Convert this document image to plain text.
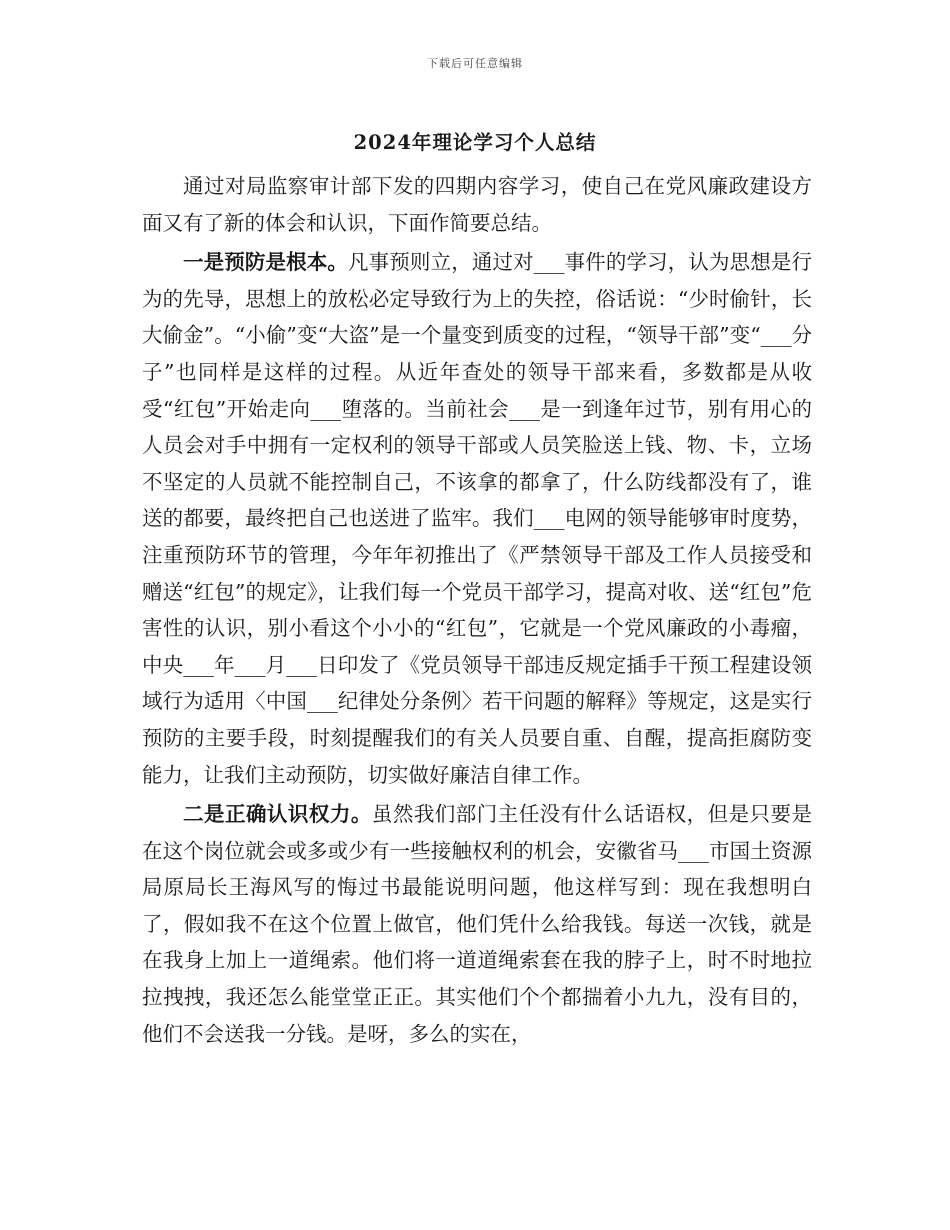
下载后可任意编辑
2024年理论学习个人总结

通过对局监察审计部下发的四期内容学习，使自己在党风廉政建设方面又有了新的体会和认识，下面作简要总结。

一是预防是根本。凡事预则立，通过对___事件的学习，认为思想是行为的先导，思想上的放松必定导致行为上的失控，俗话说：“少时偷针，长大偷金”。“小偷”变“大盗”是一个量变到质变的过程，“领导干部”变“___分子”也同样是这样的过程。从近年查处的领导干部来看，多数都是从收受“红包”开始走向___堕落的。当前社会___是一到逢年过节，别有用心的人员会对手中拥有一定权利的领导干部或人员笑脸送上钱、物、卡，立场不坚定的人员就不能控制自己，不该拿的都拿了，什么防线都没有了，谁送的都要，最终把自己也送进了监牢。我们___电网的领导能够审时度势，注重预防环节的管理，今年年初推出了《严禁领导干部及工作人员接受和赠送“红包”的规定》，让我们每一个党员干部学习，提高对收、送“红包”危害性的认识，别小看这个小小的“红包”，它就是一个党风廉政的小毒瘤，中央___年___月___日印发了《党员领导干部违反规定插手干预工程建设领域行为适用〈中国___纪律处分条例〉若干问题的解释》等规定，这是实行预防的主要手段，时刻提醒我们的有关人员要自重、自醒，提高拒腐防变能力，让我们主动预防，切实做好廉洁自律工作。

二是正确认识权力。虽然我们部门主任没有什么话语权，但是只要是在这个岗位就会或多或少有一些接触权利的机会，安徽省马___市国土资源局原局长王海风写的悔过书最能说明问题，他这样写到：现在我想明白了，假如我不在这个位置上做官，他们凭什么给我钱。每送一次钱，就是在我身上加上一道绳索。他们将一道道绳索套在我的脖子上，时不时地拉拉拽拽，我还怎么能堂堂正正。其实他们个个都揣着小九九，没有目的，他们不会送我一分钱。是呀，多么的实在，
